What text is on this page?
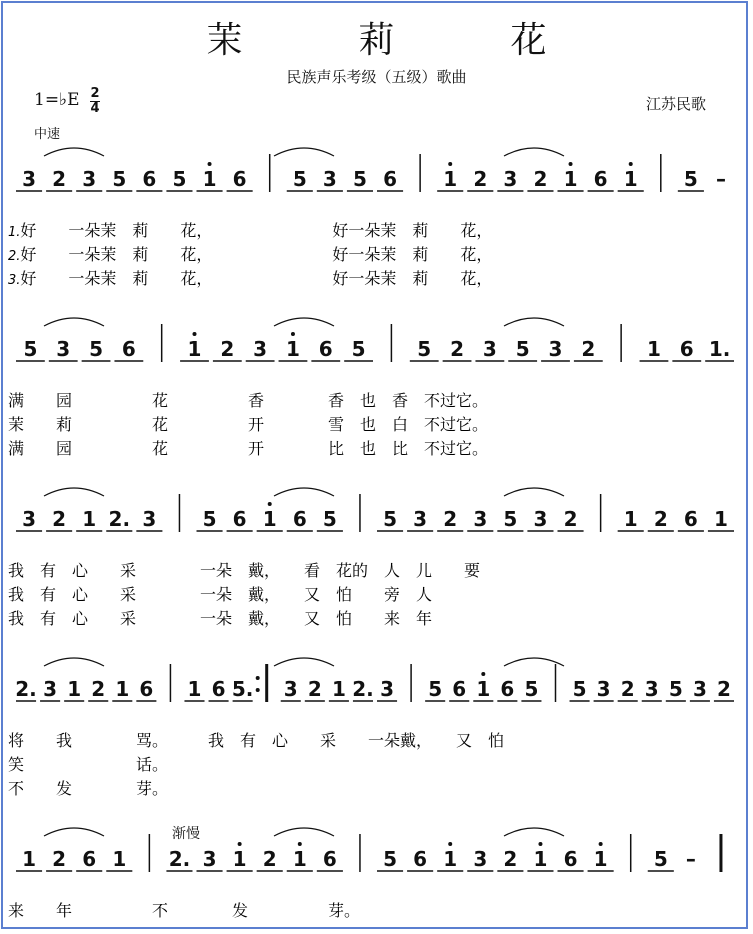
茉　莉　花
民族声乐考级（五级）歌曲
1=♭E 2
4
中速
江苏民歌
渐慢
3 2 3 5 6 5 1 6 5 3 5 6 1 2 3 2 1 6 1 5 –
1.好　　一朵茉　莉　　花，　　　　　　　　好一朵茉　莉　　花，
2.好　　一朵茉　莉　　花，　　　　　　　　好一朵茉　莉　　花，
3.好　　一朵茉　莉　　花，　　　　　　　　好一朵茉　莉　　花，
5 3 5 6	1 2 3 1 6 5	5 2 3 5 3 2	1 6 1.
满　　园　　　　　花　　　　　香　　　　香　也　香　不过它。
茉　　莉　　　　　花　　　　　开　　　　雪　也　白　不过它。
满　　园　　　　　花　　　　　开　　　　比　也　比　不过它。
3 2 1 2. 3 5 6 1 6 5 5 3 2 3 5 3 2 1 2 6 1
我　有　心　　采　　　　一朵　戴，　　看　花的　人　儿　　要
我　有　心　　采　　　　一朵　戴，　　又　怕　　旁　人
我　有　心　　采　　　　一朵　戴，　　又　怕　　来　年
2. 3 1 2 1 6 1 6 5. 3 2 1 2. 3 5 6 1 6 5 5 3 2 3 5 3 2
将　　我　　　　骂。　　　我　有　心　　采　　一朵戴，　　又　怕
笑　　　　　　　话。
不　　发　　　　芽。
1 2 6 1 2. 3 1 2 1 6 5 6 1 3 2 1 6 1 5 –
来　　年　　　　　不　　　　发　　　　　芽。
